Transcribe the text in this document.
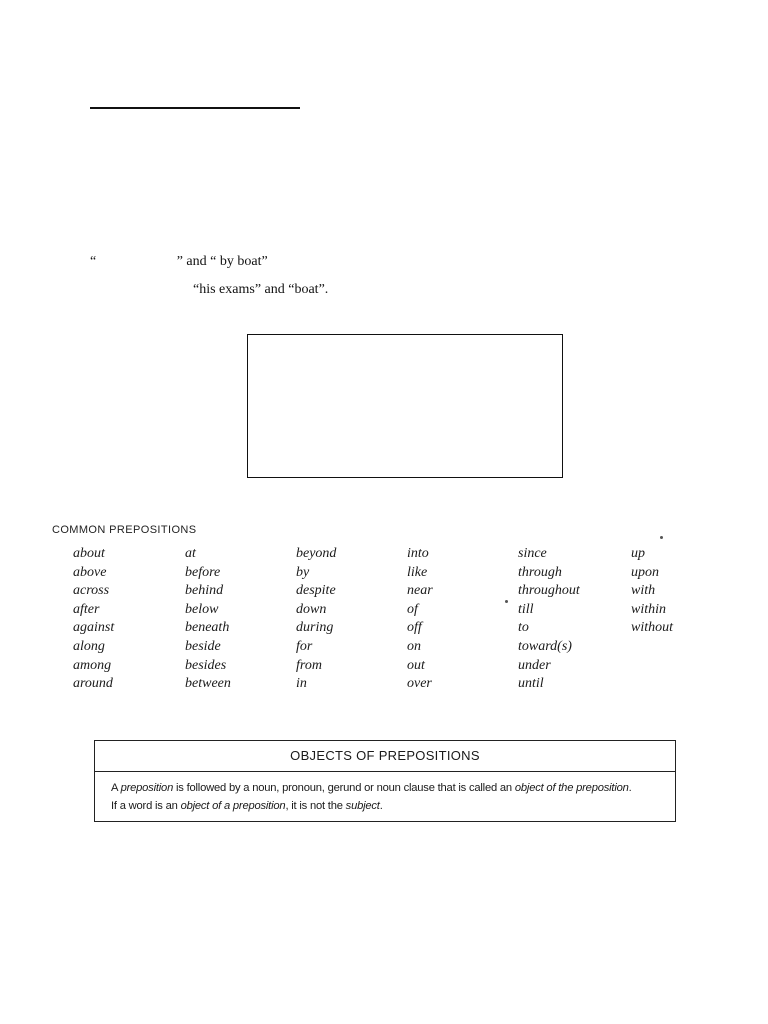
“                       ” and “ by boat”
“his exams” and “boat”.
COMMON PREPOSITIONS
about
above
across
after
against
along
among
around
at
before
behind
below
beneath
beside
besides
between
beyond
by
despite
down
during
for
from
in
into
like
near
of
off
on
out
over
since
through
throughout
till
to
toward(s)
under
until
up
upon
with
within
without
OBJECTS OF PREPOSITIONS
A preposition is followed by a noun, pronoun, gerund or noun clause that is called an object of the preposition.
If a word is an object of a preposition, it is not the subject.
